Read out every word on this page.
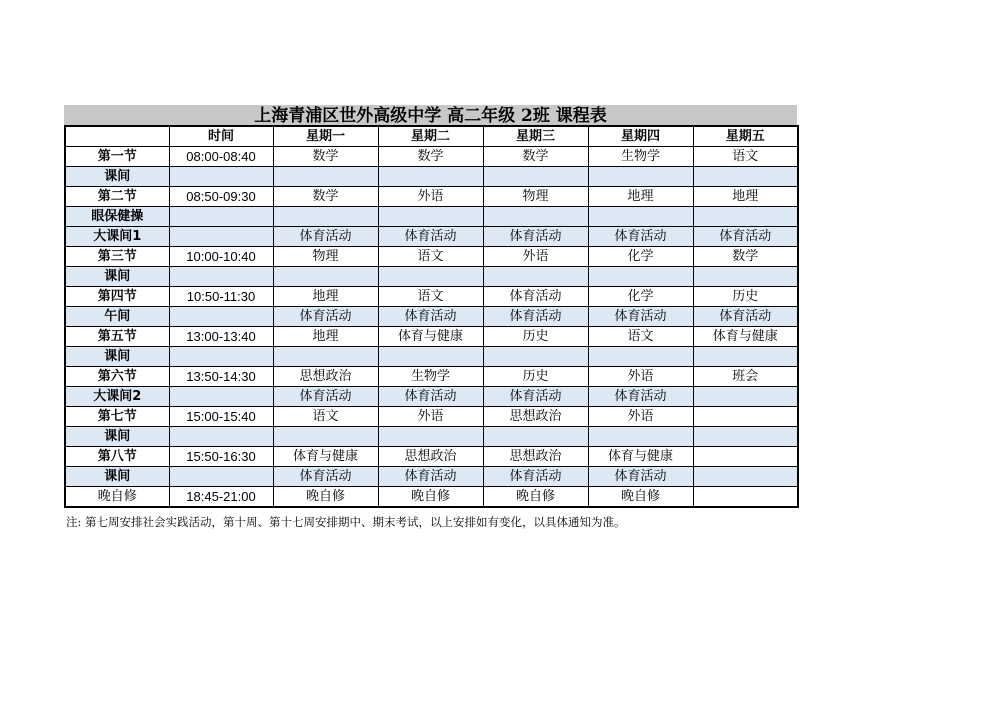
上海青浦区世外高级中学 高二年级 2班 课程表
	时间	星期一	星期二	星期三	星期四	星期五
第一节	08:00-08:40	数学	数学	数学	生物学	语文
课间						
第二节	08:50-09:30	数学	外语	物理	地理	地理
眼保健操						
大课间1		体育活动	体育活动	体育活动	体育活动	体育活动
第三节	10:00-10:40	物理	语文	外语	化学	数学
课间						
第四节	10:50-11:30	地理	语文	体育活动	化学	历史
午间		体育活动	体育活动	体育活动	体育活动	体育活动
第五节	13:00-13:40	地理	体育与健康	历史	语文	体育与健康
课间						
第六节	13:50-14:30	思想政治	生物学	历史	外语	班会
大课间2		体育活动	体育活动	体育活动	体育活动	
第七节	15:00-15:40	语文	外语	思想政治	外语	
课间						
第八节	15:50-16:30	体育与健康	思想政治	思想政治	体育与健康	
课间		体育活动	体育活动	体育活动	体育活动	
晚自修	18:45-21:00	晚自修	晚自修	晚自修	晚自修	
注: 第七周安排社会实践活动，第十周、第十七周安排期中、期末考试，以上安排如有变化，以具体通知为准。
